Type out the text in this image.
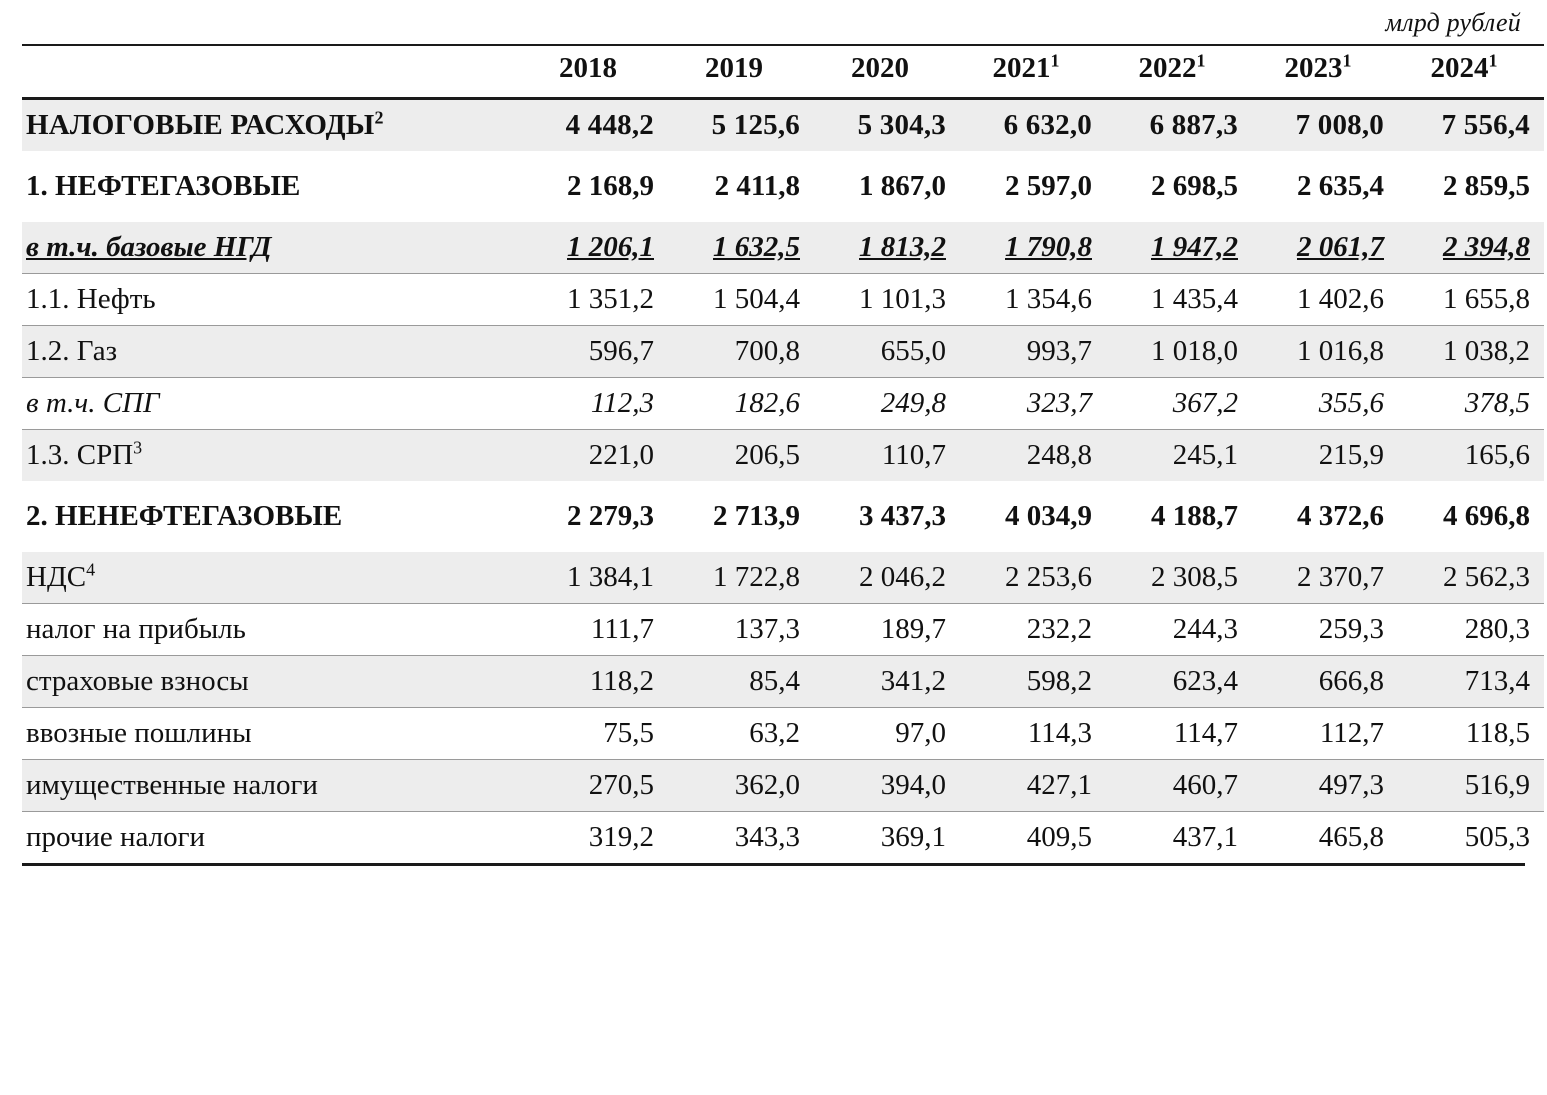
млрд рублей
	2018	2019	2020	2021$^1$	2022$^1$	2023$^1$	2024$^1$
НАЛОГОВЫЕ РАСХОДЫ$^2$	4 448,2	5 125,6	5 304,3	6 632,0	6 887,3	7 008,0	7 556,4

1. НЕФТЕГАЗОВЫЕ	2 168,9	2 411,8	1 867,0	2 597,0	2 698,5	2 635,4	2 859,5

в т.ч. базовые НГД	1 206,1	1 632,5	1 813,2	1 790,8	1 947,2	2 061,7	2 394,8
1.1. Нефть	1 351,2	1 504,4	1 101,3	1 354,6	1 435,4	1 402,6	1 655,8
1.2. Газ	596,7	700,8	655,0	993,7	1 018,0	1 016,8	1 038,2
в т.ч. СПГ	112,3	182,6	249,8	323,7	367,2	355,6	378,5
1.3. СРП$^3$	221,0	206,5	110,7	248,8	245,1	215,9	165,6

2. НЕНЕФТЕГАЗОВЫЕ	2 279,3	2 713,9	3 437,3	4 034,9	4 188,7	4 372,6	4 696,8

НДС$^4$	1 384,1	1 722,8	2 046,2	2 253,6	2 308,5	2 370,7	2 562,3
налог на прибыль	111,7	137,3	189,7	232,2	244,3	259,3	280,3
страховые взносы	118,2	85,4	341,2	598,2	623,4	666,8	713,4
ввозные пошлины	75,5	63,2	97,0	114,3	114,7	112,7	118,5
имущественные налоги	270,5	362,0	394,0	427,1	460,7	497,3	516,9
прочие налоги	319,2	343,3	369,1	409,5	437,1	465,8	505,3
